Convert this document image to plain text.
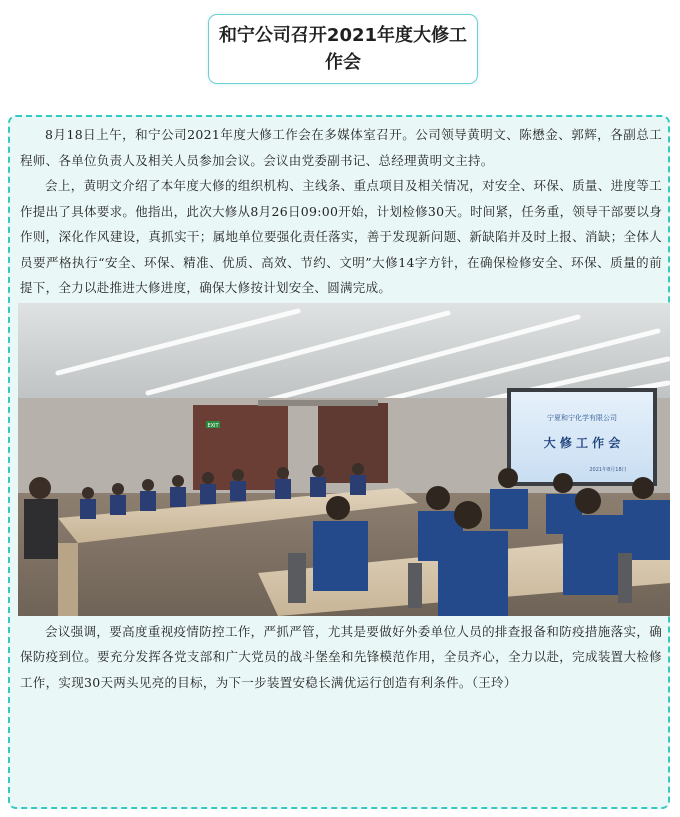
和宁公司召开2021年度大修工作会

8月18日上午，和宁公司2021年度大修工作会在多媒体室召开。公司领导黄明文、陈懋金、郭辉，各副总工程师、各单位负责人及相关人员参加会议。会议由党委副书记、总经理黄明文主持。

会上，黄明文介绍了本年度大修的组织机构、主线条、重点项目及相关情况，对安全、环保、质量、进度等工作提出了具体要求。他指出，此次大修从8月26日09:00开始，计划检修30天。时间紧，任务重，领导干部要以身作则，深化作风建设，真抓实干；属地单位要强化责任落实，善于发现新问题、新缺陷并及时上报、消缺；全体人员要严格执行“安全、环保、精准、优质、高效、节约、文明”大修14字方针，在确保检修安全、环保、质量的前提下，全力以赴推进大修进度，确保大修按计划安全、圆满完成。

EXIT
宁夏和宁化学有限公司
大 修 工 作 会
2021年8月18日

会议强调，要高度重视疫情防控工作，严抓严管，尤其是要做好外委单位人员的排查报备和防疫措施落实，确保防疫到位。要充分发挥各党支部和广大党员的战斗堡垒和先锋模范作用，全员齐心，全力以赴，完成装置大检修工作，实现30天两头见亮的目标，为下一步装置安稳长满优运行创造有利条件。（王玲）
